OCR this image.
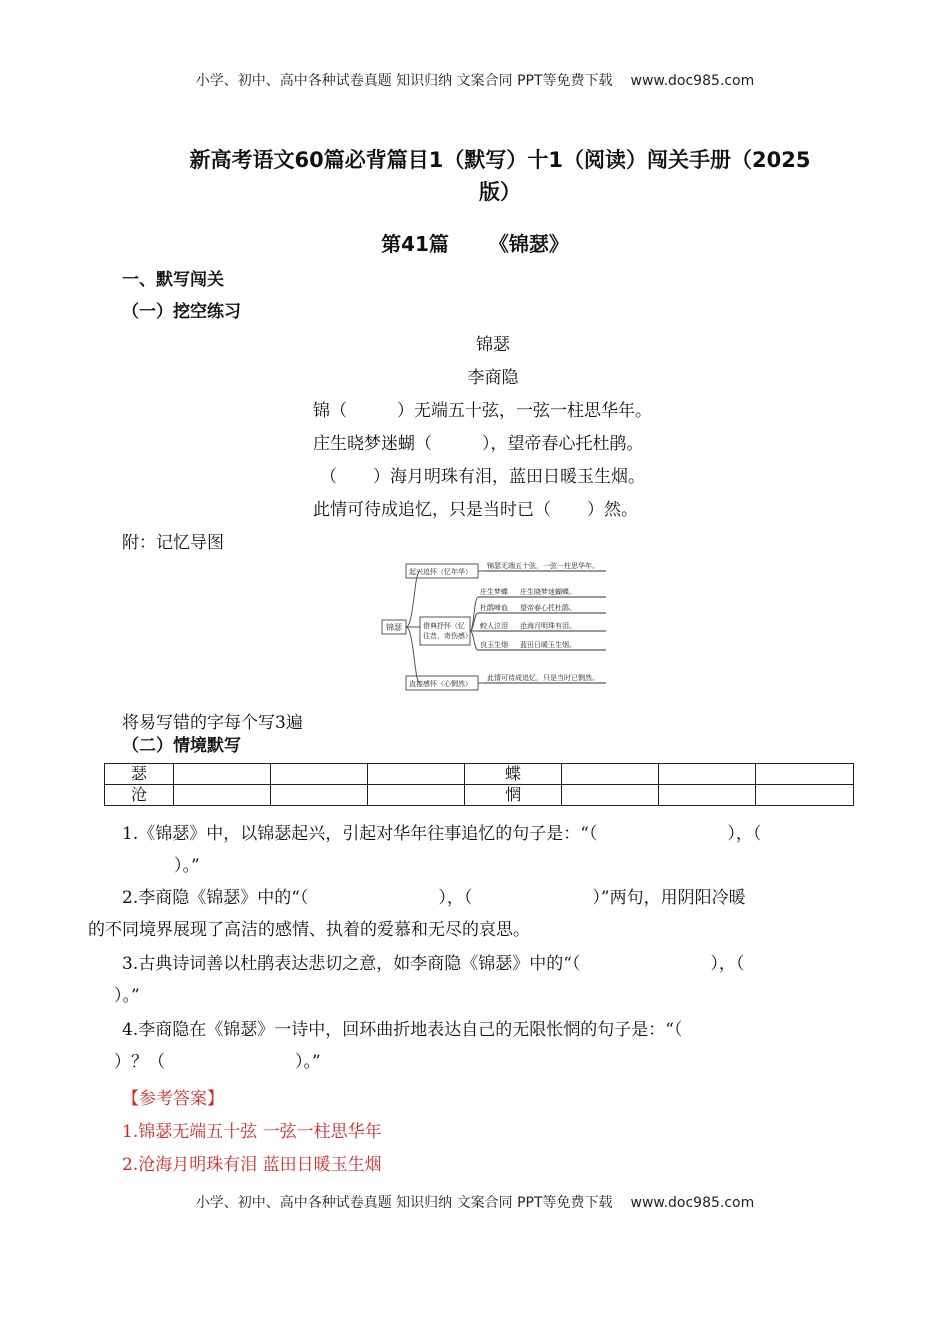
小学、初中、高中各种试卷真题 知识归纳 文案合同 PPT等免费下载 www.doc985.com
新高考语文60篇必背篇目1（默写）十1（阅读）闯关手册（2025
版）
第41篇 《锦瑟》
一、默写闯关
（一）挖空练习
锦瑟
李商隐
锦（	）无端五十弦，一弦一柱思华年。
庄生晓梦迷蝴（	），望帝春心托杜鹃。
（ ）海月明珠有泪，蓝田日暖玉生烟。
此情可待成追忆，只是当时已（ ）然。
附：记忆导图
锦瑟
起兴追怀（忆年华）
锦瑟无端五十弦，一弦一柱思华年。
借典抒怀（忆
往昔，寄伤感）
庄生梦蝶 庄生晓梦迷蝴蝶。
杜鹃啼血 望帝春心托杜鹃。
鲛人泣泪 沧海月明珠有泪。
良玉生烟 蓝田日暖玉生烟。
直接感怀（心惘然）
此情可待成追忆，只是当时已惘然。
将易写错的字每个写3遍
（二）情境默写
瑟				蝶			
沧				惘			
1.《锦瑟》中，以锦瑟起兴，引起对华年往事追忆的句子是：“（	），（
）。”
2.李商隐《锦瑟》中的“（	），（	）”两句，用阴阳冷暖
的不同境界展现了高洁的感情、执着的爱慕和无尽的哀思。
3.古典诗词善以杜鹃表达悲切之意，如李商隐《锦瑟》中的“（	），（
）。”
4.李商隐在《锦瑟》一诗中，回环曲折地表达自己的无限怅惘的句子是：“（
）？（	）。”
【参考答案】
1.锦瑟无端五十弦 一弦一柱思华年
2.沧海月明珠有泪 蓝田日暖玉生烟
小学、初中、高中各种试卷真题 知识归纳 文案合同 PPT等免费下载 www.doc985.com
